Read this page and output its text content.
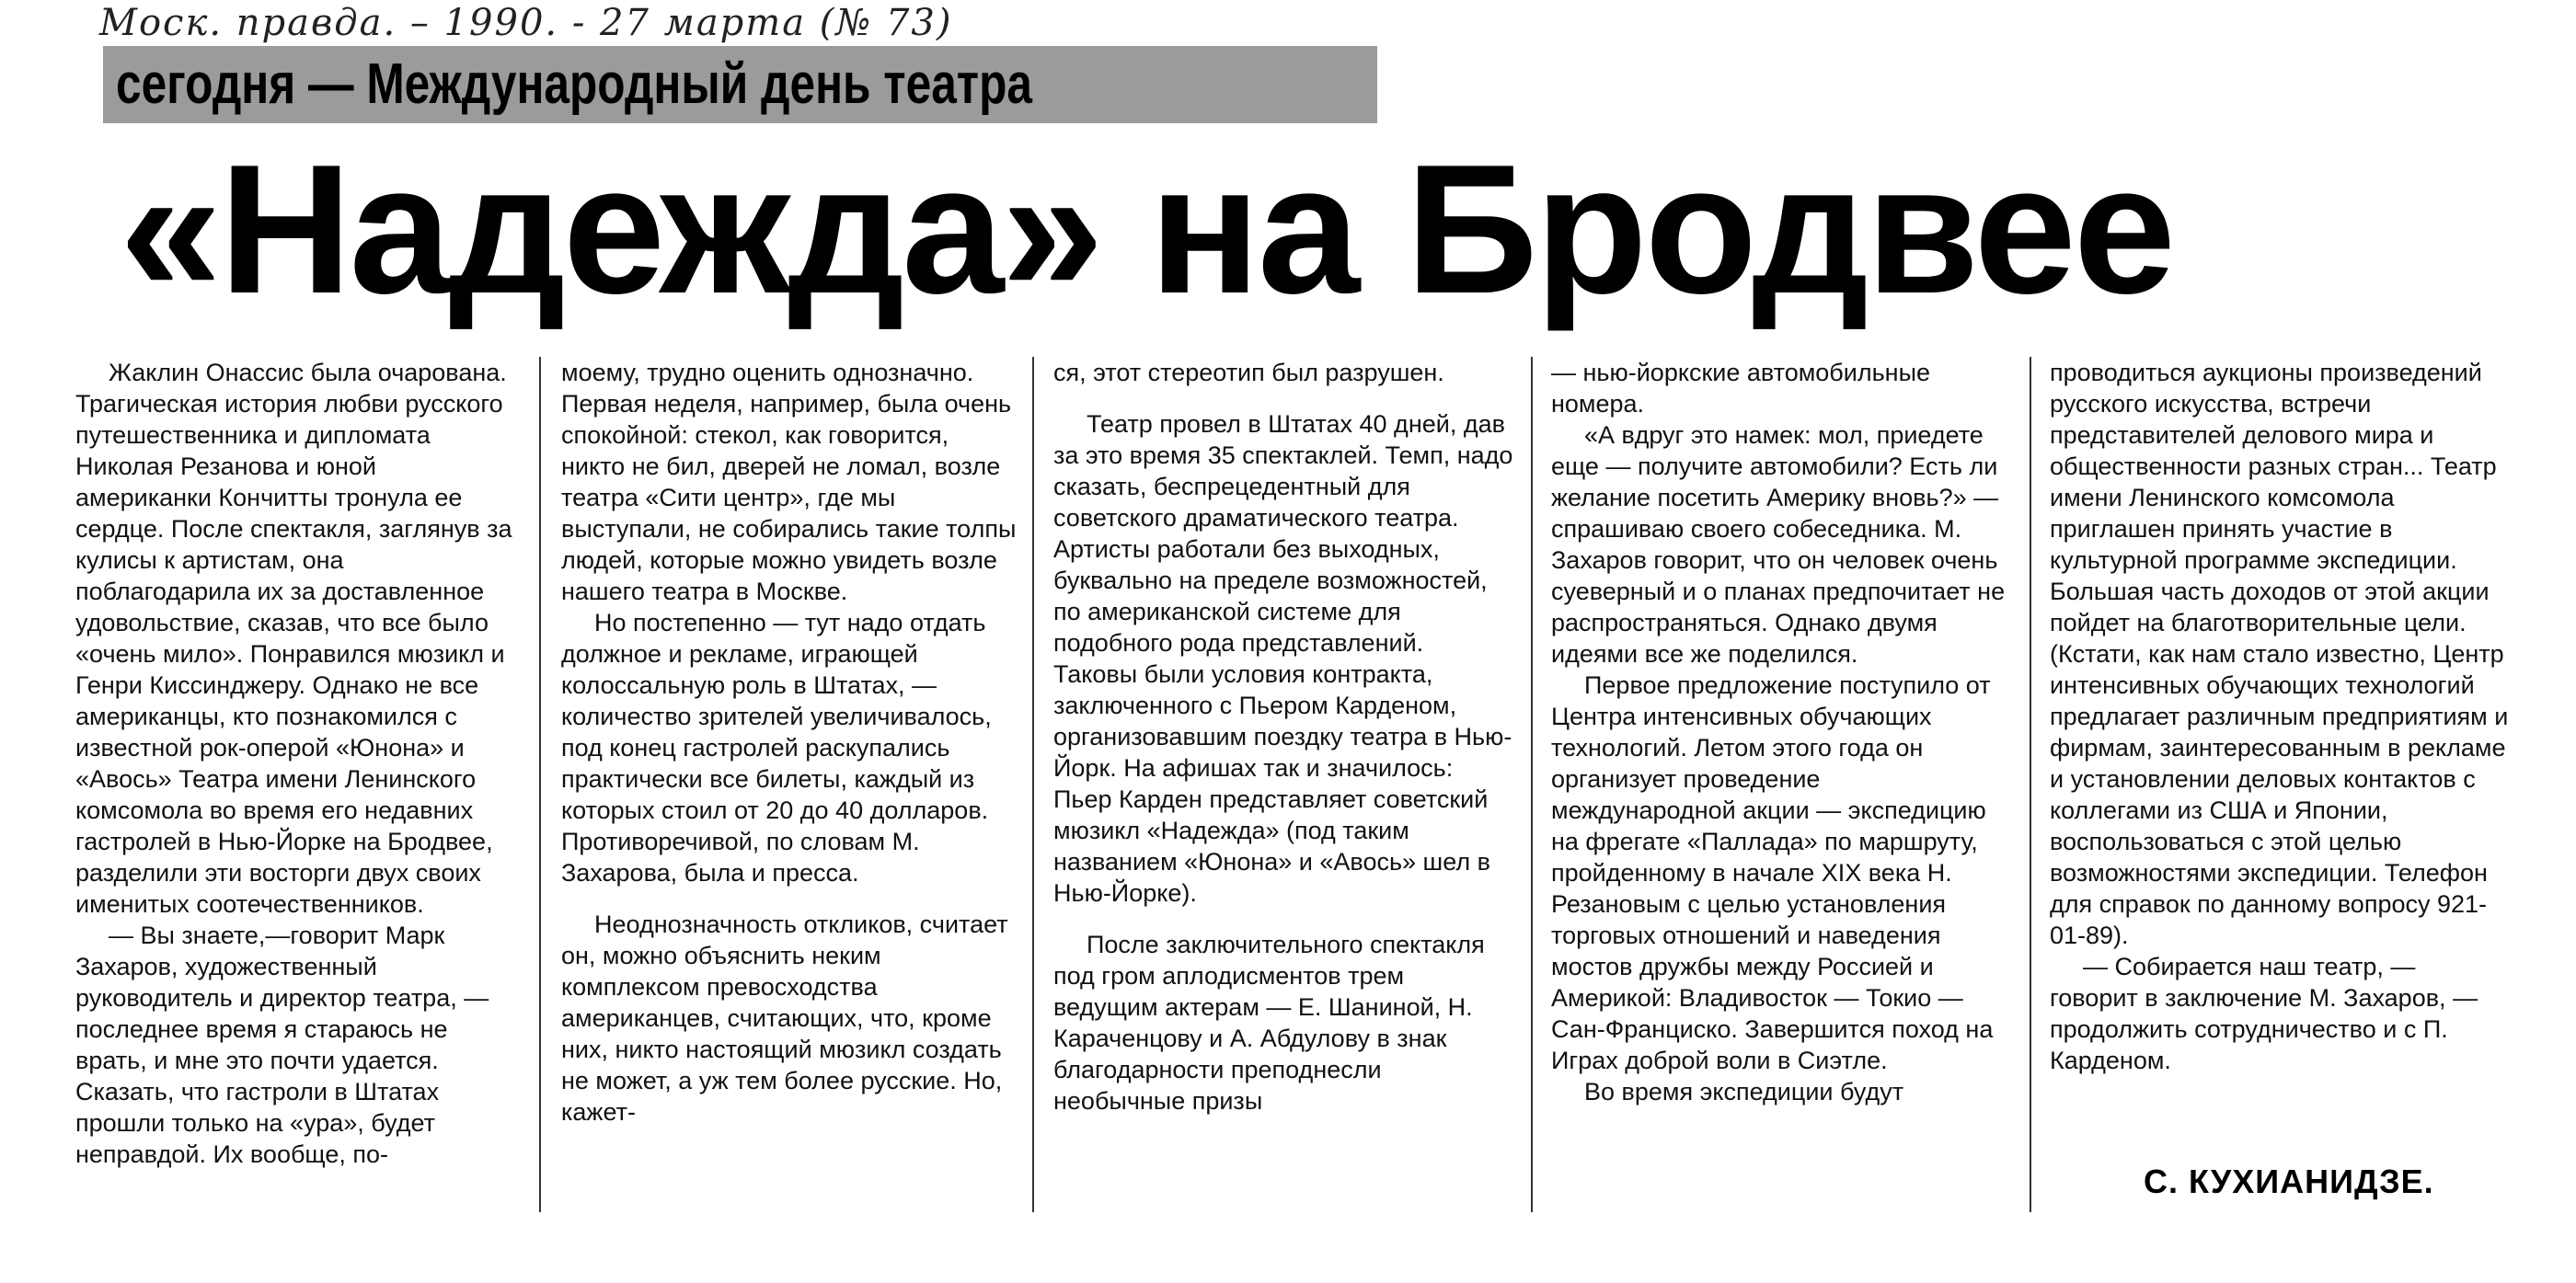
Моск. правда. – 1990. - 27 марта (№ 73)
сегодня — Международный день театра
«Надежда» на Бродвее

Жаклин Онассис была очарована. Трагическая история любви русского путешественника и дипломата Николая Резанова и юной американки Кончитты тронула ее сердце. После спектакля, заглянув за кулисы к артистам, она поблагодарила их за доставленное удовольствие, сказав, что все было «очень мило». Понравился мюзикл и Генри Киссинджеру. Однако не все американцы, кто познакомился с известной рок-оперой «Юнона» и «Авось» Театра имени Ленинского комсомола во время его недавних гастролей в Нью-Йорке на Бродвее, разделили эти восторги двух своих именитых соотечественников.

— Вы знаете,—говорит Марк Захаров, художественный руководитель и директор театра, — последнее время я стараюсь не врать, и мне это почти удается. Сказать, что гастроли в Штатах прошли только на «ура», будет неправдой. Их вообще, по-

моему, трудно оценить однозначно. Первая неделя, например, была очень спокойной: стекол, как говорится, никто не бил, дверей не ломал, возле театра «Сити центр», где мы выступали, не собирались такие толпы людей, которые можно увидеть возле нашего театра в Москве.

Но постепенно — тут надо отдать должное и рекламе, играющей колоссальную роль в Штатах, — количество зрителей увеличивалось, под конец гастролей раскупались практически все билеты, каждый из которых стоил от 20 до 40 долларов. Противоречивой, по словам М. Захарова, была и пресса.

Неоднозначность откликов, считает он, можно объяснить неким комплексом превосходства американцев, считающих, что, кроме них, никто настоящий мюзикл создать не может, а уж тем более русские. Но, кажет-

ся, этот стереотип был разрушен.

Театр провел в Штатах 40 дней, дав за это время 35 спектаклей. Темп, надо сказать, беспрецедентный для советского драматического театра. Артисты работали без выходных, буквально на пределе возможностей, по американской системе для подобного рода представлений. Таковы были условия контракта, заключенного с Пьером Карденом, организовавшим поездку театра в Нью-Йорк. На афишах так и значилось: Пьер Карден представляет советский мюзикл «Надежда» (под таким названием «Юнона» и «Авось» шел в Нью-Йорке).

После заключительного спектакля под гром аплодисментов трем ведущим актерам — Е. Шаниной, Н. Караченцову и А. Абдулову в знак благодарности преподнесли необычные призы

— нью-йоркские автомобильные номера.

«А вдруг это намек: мол, приедете еще — получите автомобили? Есть ли желание посетить Америку вновь?» — спрашиваю своего собеседника. М. Захаров говорит, что он человек очень суеверный и о планах предпочитает не распространяться. Однако двумя идеями все же поделился.

Первое предложение поступило от Центра интенсивных обучающих технологий. Летом этого года он организует проведение международной акции — экспедицию на фрегате «Паллада» по маршруту, пройденному в начале XIX века Н. Резановым с целью установления торговых отношений и наведения мостов дружбы между Россией и Америкой: Владивосток — Токио — Сан-Франциско. Завершится поход на Играх доброй воли в Сиэтле.

Во время экспедиции будут

проводиться аукционы произведений русского искусства, встречи представителей делового мира и общественности разных стран... Театр имени Ленинского комсомола приглашен принять участие в культурной программе экспедиции. Большая часть доходов от этой акции пойдет на благотворительные цели. (Кстати, как нам стало известно, Центр интенсивных обучающих технологий предлагает различным предприятиям и фирмам, заинтересованным в рекламе и установлении деловых контактов с коллегами из США и Японии, воспользоваться с этой целью возможностями экспедиции. Телефон для справок по данному вопросу 921-01-89).

— Собирается наш театр, — говорит в заключение М. Захаров, — продолжить сотрудничество и с П. Карденом.

С. КУХИАНИДЗЕ.
